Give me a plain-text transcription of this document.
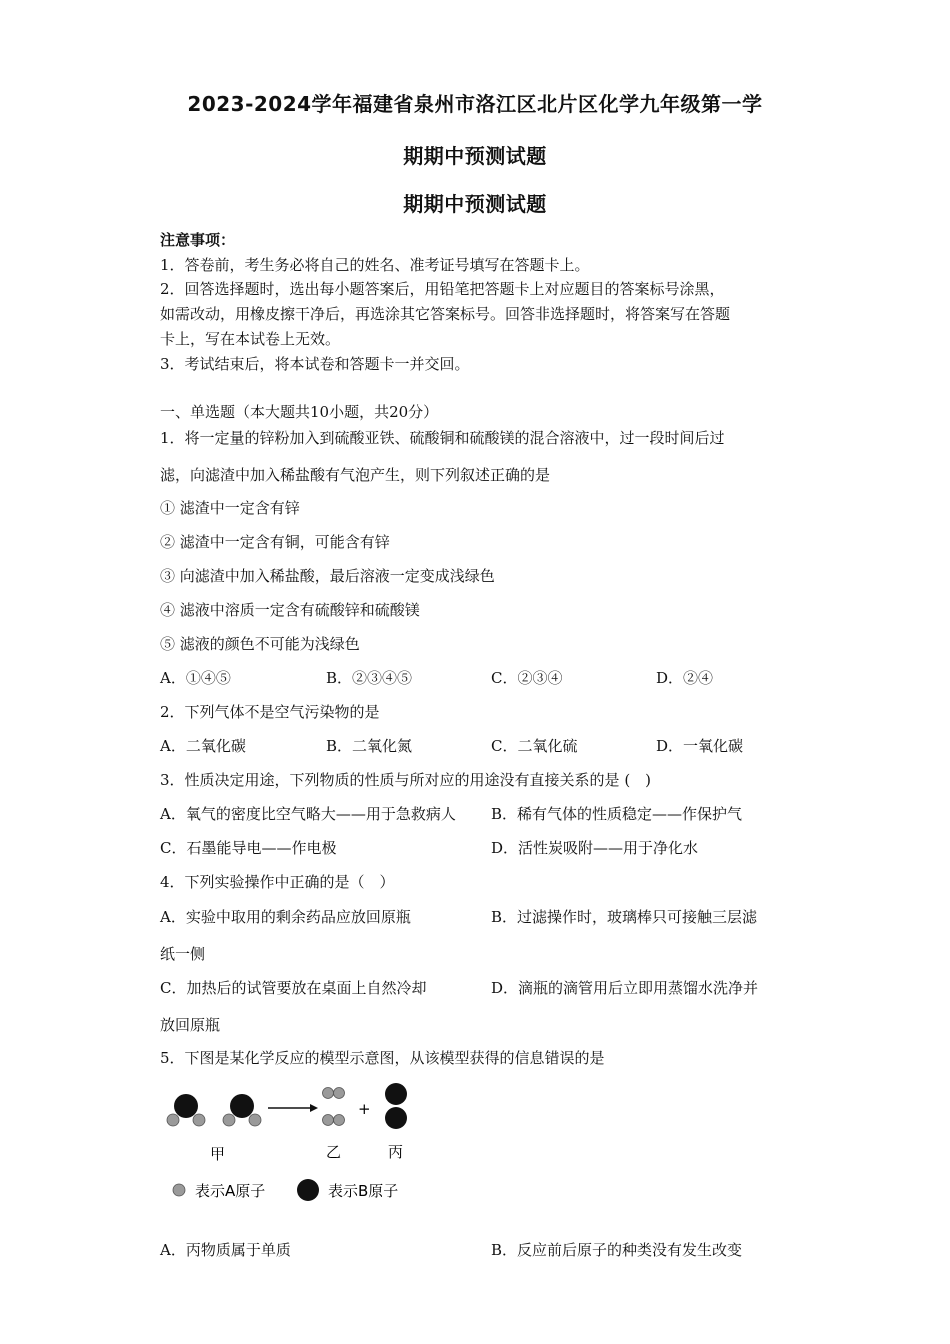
2023-2024学年福建省泉州市洛江区北片区化学九年级第一学
期期中预测试题
期期中预测试题
注意事项：
1．答卷前，考生务必将自己的姓名、准考证号填写在答题卡上。
2．回答选择题时，选出每小题答案后，用铅笔把答题卡上对应题目的答案标号涂黑，
如需改动，用橡皮擦干净后，再选涂其它答案标号。回答非选择题时，将答案写在答题
卡上，写在本试卷上无效。
3．考试结束后，将本试卷和答题卡一并交回。
一、单选题（本大题共10小题，共20分）
1．将一定量的锌粉加入到硫酸亚铁、硫酸铜和硫酸镁的混合溶液中，过一段时间后过
滤，向滤渣中加入稀盐酸有气泡产生，则下列叙述正确的是
① 滤渣中一定含有锌
② 滤渣中一定含有铜，可能含有锌
③ 向滤渣中加入稀盐酸，最后溶液一定变成浅绿色
④ 滤液中溶质一定含有硫酸锌和硫酸镁
⑤ 滤液的颜色不可能为浅绿色
A．①④⑤	B．②③④⑤	C．②③④	D．②④
2．下列气体不是空气污染物的是
A．二氧化碳	B．二氧化氮	C．二氧化硫	D．一氧化碳
3．性质决定用途，下列物质的性质与所对应的用途没有直接关系的是 (　)
A．氧气的密度比空气略大——用于急救病人 B．稀有气体的性质稳定——作保护气
C．石墨能导电——作电极	D．活性炭吸附——用于净化水
4．下列实验操作中正确的是（　）
A．实验中取用的剩余药品应放回原瓶	B．过滤操作时，玻璃棒只可接触三层滤
纸一侧
C．加热后的试管要放在桌面上自然冷却	D．滴瓶的滴管用后立即用蒸馏水洗净并
放回原瓶
5．下图是某化学反应的模型示意图，从该模型获得的信息错误的是
+
甲	乙	丙
表示A原子	表示B原子
A．丙物质属于单质	B．反应前后原子的种类没有发生改变
